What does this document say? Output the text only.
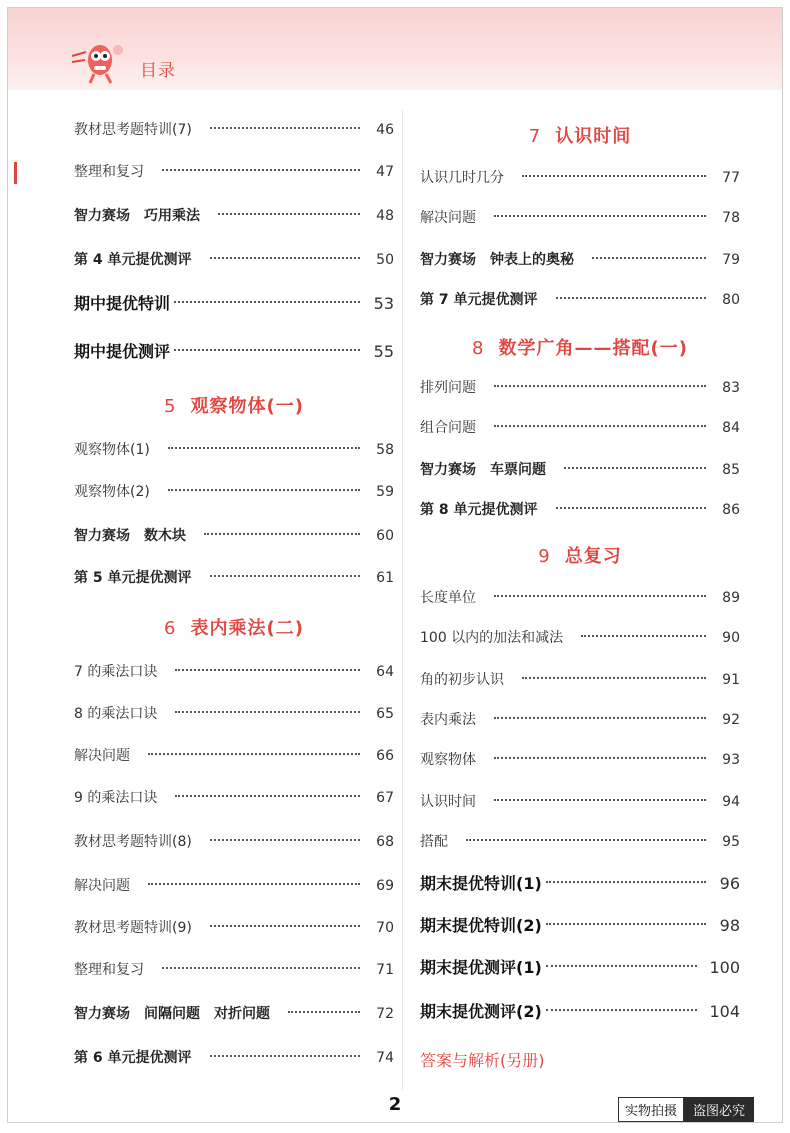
目录
教材思考题特训(7)	46
整理和复习	47
智力赛场　巧用乘法	48
第 4 单元提优测评	50
期中提优特训	53
期中提优测评	55
5 观察物体(一)
观察物体(1)	58
观察物体(2)	59
智力赛场　数木块	60
第 5 单元提优测评	61
6 表内乘法(二)
7 的乘法口诀	64
8 的乘法口诀	65
解决问题	66
9 的乘法口诀	67
教材思考题特训(8)	68
解决问题	69
教材思考题特训(9)	70
整理和复习	71
智力赛场　间隔问题　对折问题	72
第 6 单元提优测评	74
7 认识时间
认识几时几分	77
解决问题	78
智力赛场　钟表上的奥秘	79
第 7 单元提优测评	80
8 数学广角——搭配(一)
排列问题	83
组合问题	84
智力赛场　车票问题	85
第 8 单元提优测评	86
9 总复习
长度单位	89
100 以内的加法和减法	90
角的初步认识	91
表内乘法	92
观察物体	93
认识时间	94
搭配	95
期末提优特训(1)	96
期末提优特训(2)	98
期末提优测评(1)	100
期末提优测评(2)	104
答案与解析(另册)
2	实物拍摄	盗图必究
